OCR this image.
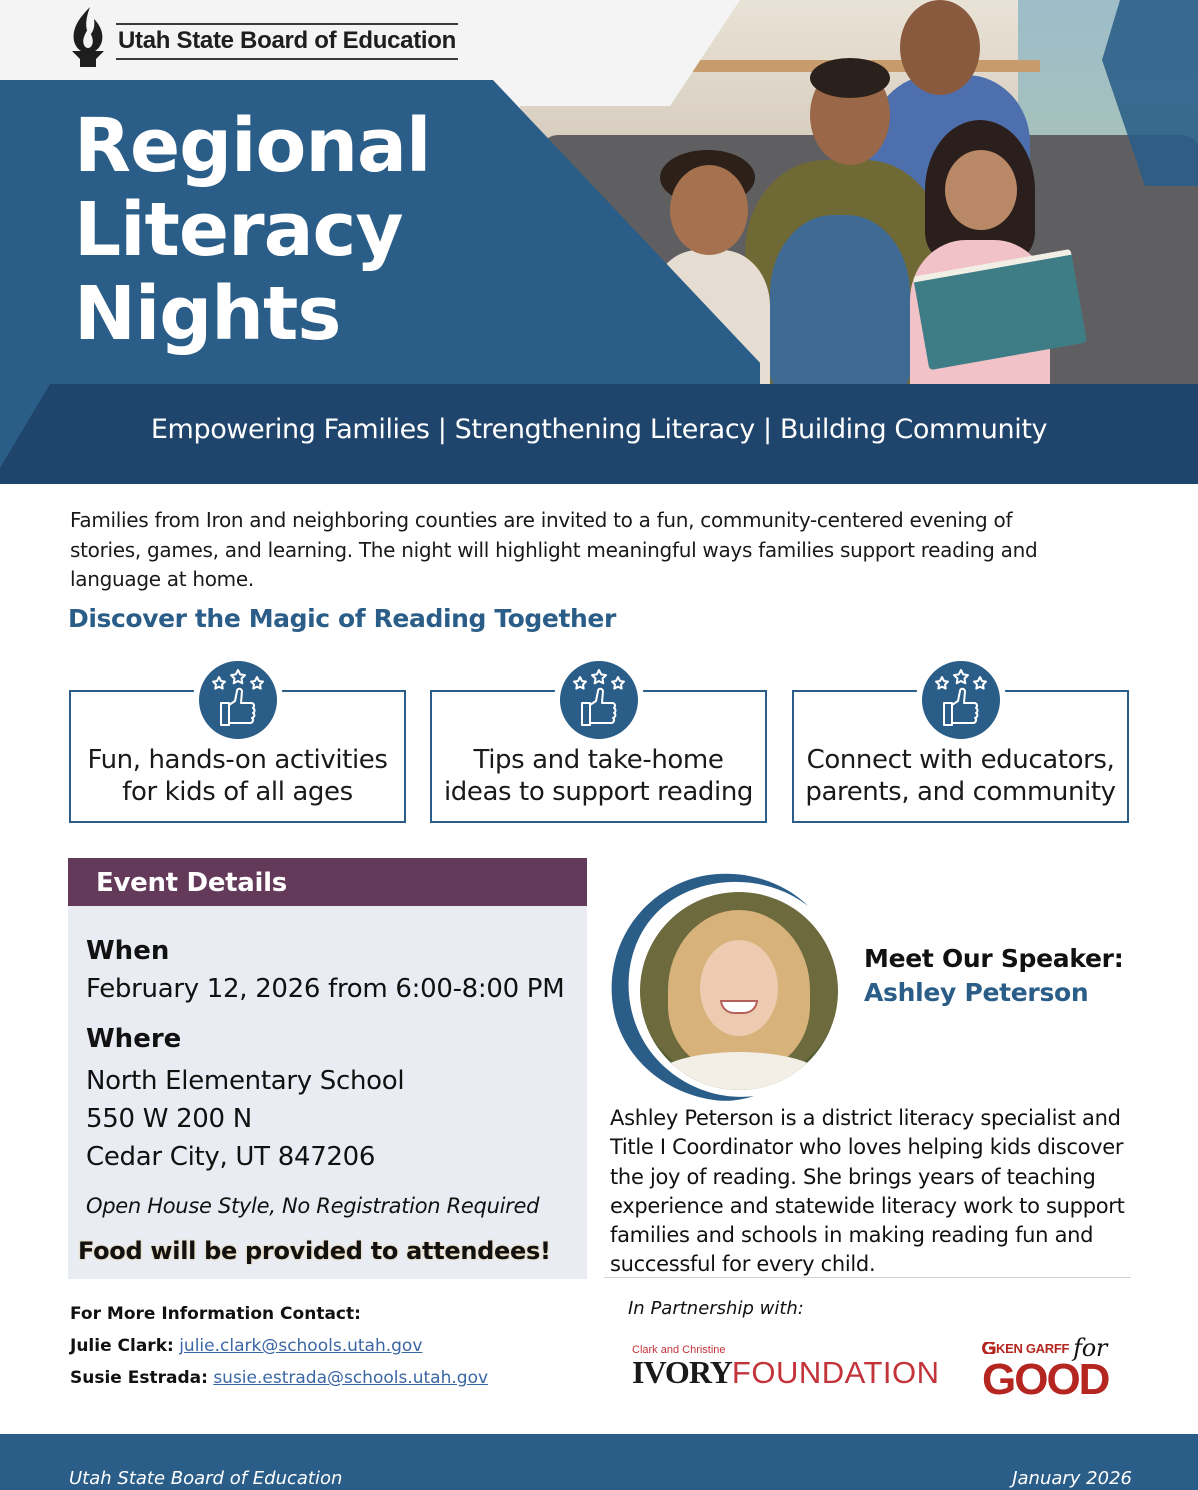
Utah State Board of Education
Regional
Literacy
Nights
Empowering Families | Strengthening Literacy | Building Community

Families from Iron and neighboring counties are invited to a fun, community-centered evening of stories, games, and learning. The night will highlight meaningful ways families support reading and language at home.

Discover the Magic of Reading Together
Fun, hands-on activities
for kids of all ages
Tips and take-home
ideas to support reading
Connect with educators,
parents, and community
Event Details
When
February 12, 2026 from 6:00-8:00 PM
Where
North Elementary School
550 W 200 N
Cedar City, UT 847206
Open House Style, No Registration Required
Food will be provided to attendees!
Meet Our Speaker:
Ashley Peterson

Ashley Peterson is a district literacy specialist and Title I Coordinator who loves helping kids discover the joy of reading. She brings years of teaching experience and statewide literacy work to support families and schools in making reading fun and successful for every child.

For More Information Contact:
Julie Clark: julie.clark@schools.utah.gov
Susie Estrada: susie.estrada@schools.utah.gov
In Partnership with:
Clark and Christine
IVORYFOUNDATION
KEN GARFF for
GOOD
Utah State Board of Education	January 2026
